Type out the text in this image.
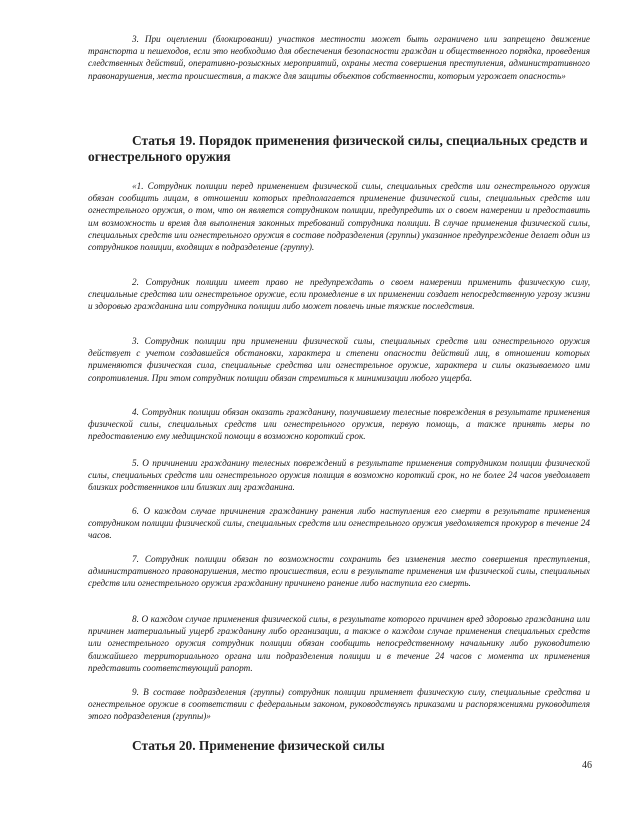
3. При оцеплении (блокировании) участков местности может быть ограничено или запрещено движение транспорта и пешеходов, если это необходимо для обеспечения безопасности граждан и общественного порядка, проведения следственных действий, оперативно-розыскных мероприятий, охраны места совершения преступления, административного правонарушения, места происшествия, а также для защиты объектов собственности, которым угрожает опасность»

Статья 19. Порядок применения физической силы, специальных средств и огнестрельного оружия

«1. Сотрудник полиции перед применением физической силы, специальных средств или огнестрельного оружия обязан сообщить лицам, в отношении которых предполагается применение физической силы, специальных средств или огнестрельного оружия, о том, что он является сотрудником полиции, предупредить их о своем намерении и предоставить им возможность и время для выполнения законных требований сотрудника полиции. В случае применения физической силы, специальных средств или огнестрельного оружия в составе подразделения (группы) указанное предупреждение делает один из сотрудников полиции, входящих в подразделение (группу).

2. Сотрудник полиции имеет право не предупреждать о своем намерении применить физическую силу, специальные средства или огнестрельное оружие, если промедление в их применении создает непосредственную угрозу жизни и здоровью гражданина или сотрудника полиции либо может повлечь иные тяжкие последствия.

3. Сотрудник полиции при применении физической силы, специальных средств или огнестрельного оружия действует с учетом создавшейся обстановки, характера и степени опасности действий лиц, в отношении которых применяются физическая сила, специальные средства или огнестрельное оружие, характера и силы оказываемого ими сопротивления. При этом сотрудник полиции обязан стремиться к минимизации любого ущерба.

4. Сотрудник полиции обязан оказать гражданину, получившему телесные повреждения в результате применения физической силы, специальных средств или огнестрельного оружия, первую помощь, а также принять меры по предоставлению ему медицинской помощи в возможно короткий срок.

5. О причинении гражданину телесных повреждений в результате применения сотрудником полиции физической силы, специальных средств или огнестрельного оружия полиция в возможно короткий срок, но не более 24 часов уведомляет близких родственников или близких лиц гражданина.

6. О каждом случае причинения гражданину ранения либо наступления его смерти в результате применения сотрудником полиции физической силы, специальных средств или огнестрельного оружия уведомляется прокурор в течение 24 часов.

7. Сотрудник полиции обязан по возможности сохранить без изменения место совершения преступления, административного правонарушения, место происшествия, если в результате применения им физической силы, специальных средств или огнестрельного оружия гражданину причинено ранение либо наступила его смерть.

8. О каждом случае применения физической силы, в результате которого причинен вред здоровью гражданина или причинен материальный ущерб гражданину либо организации, а также о каждом случае применения специальных средств или огнестрельного оружия сотрудник полиции обязан сообщить непосредственному начальнику либо руководителю ближайшего территориального органа или подразделения полиции и в течение 24 часов с момента их применения представить соответствующий рапорт.

9. В составе подразделения (группы) сотрудник полиции применяет физическую силу, специальные средства и огнестрельное оружие в соответствии с федеральным законом, руководствуясь приказами и распоряжениями руководителя этого подразделения (группы)»

Статья 20. Применение физической силы
46
